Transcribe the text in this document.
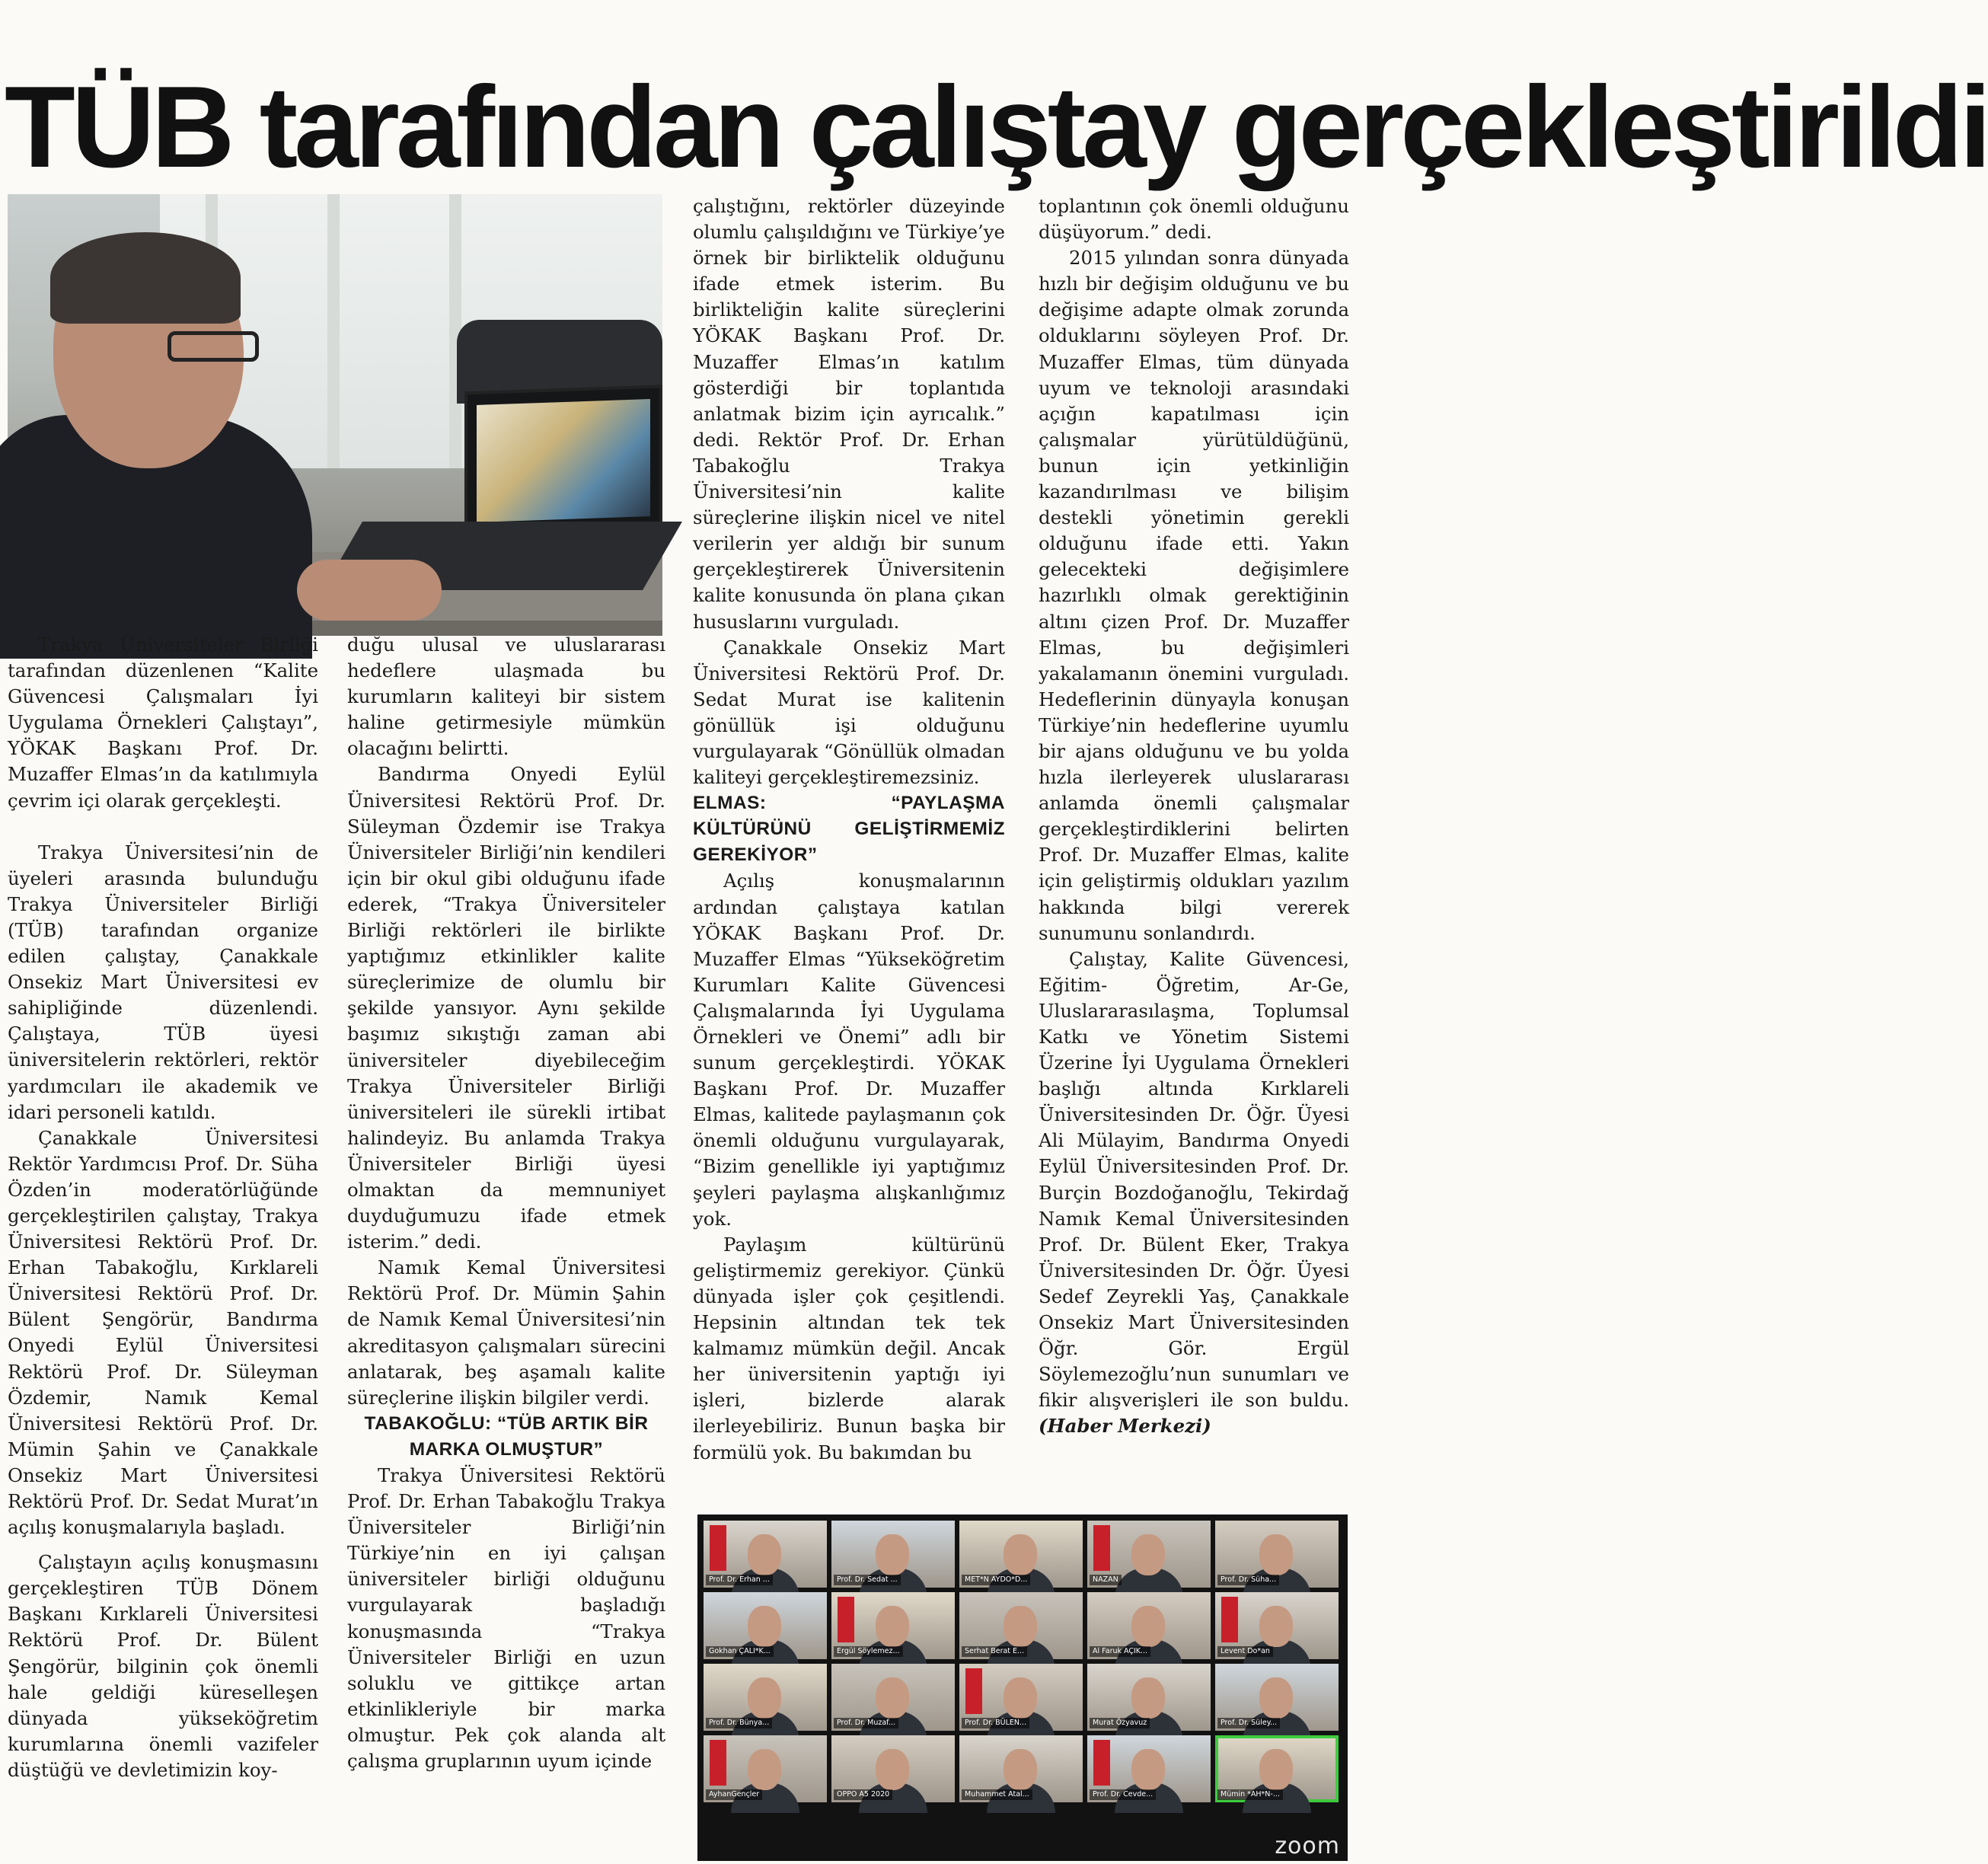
TÜB tarafından çalıştay gerçekleştirildi

Trakya Üniversiteler Birliği tarafından düzenlenen “Kalite Güvencesi Çalışmaları İyi Uygulama Örnekleri Çalıştayı”, YÖKAK Başkanı Prof. Dr. Muzaffer Elmas’ın da katılımıyla çevrim içi olarak gerçekleşti.

Trakya Üniversitesi’nin de üyeleri arasında bulunduğu Trakya Üniversiteler Birliği (TÜB) tarafından organize edilen çalıştay, Çanakkale Onsekiz Mart Üniversitesi ev sahipliğinde düzenlendi. Çalıştaya, TÜB üyesi üniversitelerin rektörleri, rektör yardımcıları ile akademik ve idari personeli katıldı.

Çanakkale Üniversitesi Rektör Yardımcısı Prof. Dr. Süha Özden’in moderatörlüğünde gerçekleştirilen çalıştay, Trakya Üniversitesi Rektörü Prof. Dr. Erhan Tabakoğlu, Kırklareli Üniversitesi Rektörü Prof. Dr. Bülent Şengörür, Bandırma Onyedi Eylül Üniversitesi Rektörü Prof. Dr. Süleyman Özdemir, Namık Kemal Üniversitesi Rektörü Prof. Dr. Mümin Şahin ve Çanakkale Onsekiz Mart Üniversitesi Rektörü Prof. Dr. Sedat Murat’ın açılış konuşmalarıyla başladı.

Çalıştayın açılış konuşmasını gerçekleştiren TÜB Dönem Başkanı Kırklareli Üniversitesi Rektörü Prof. Dr. Bülent Şengörür, bilginin çok önemli hale geldiği küreselleşen dünyada yükseköğretim kurumlarına önemli vazifeler düştüğü ve devletimizin koy-

duğu ulusal ve uluslararası hedeflere ulaşmada bu kurumların kaliteyi bir sistem haline getirmesiyle mümkün olacağını belirtti.

Bandırma Onyedi Eylül Üniversitesi Rektörü Prof. Dr. Süleyman Özdemir ise Trakya Üniversiteler Birliği’nin kendileri için bir okul gibi olduğunu ifade ederek, “Trakya Üniversiteler Birliği rektörleri ile birlikte yaptığımız etkinlikler kalite süreçlerimize de olumlu bir şekilde yansıyor. Aynı şekilde başımız sıkıştığı zaman abi üniversiteler diyebileceğim Trakya Üniversiteler Birliği üniversiteleri ile sürekli irtibat halindeyiz. Bu anlamda Trakya Üniversiteler Birliği üyesi olmaktan da memnuniyet duyduğumuzu ifade etmek isterim.” dedi.

Namık Kemal Üniversitesi Rektörü Prof. Dr. Mümin Şahin de Namık Kemal Üniversitesi’nin akreditasyon çalışmaları sürecini anlatarak, beş aşamalı kalite süreçlerine ilişkin bilgiler verdi.

TABAKOĞLU: “TÜB ARTIK BİR MARKA OLMUŞTUR”

Trakya Üniversitesi Rektörü Prof. Dr. Erhan Tabakoğlu Trakya Üniversiteler Birliği’nin Türkiye’nin en iyi çalışan üniversiteler birliği olduğunu vurgulayarak başladığı konuşmasında “Trakya Üniversiteler Birliği en uzun soluklu ve gittikçe artan etkinlikleriyle bir marka olmuştur. Pek çok alanda alt çalışma gruplarının uyum içinde

çalıştığını, rektörler düzeyinde olumlu çalışıldığını ve Türkiye’ye örnek bir birliktelik olduğunu ifade etmek isterim. Bu birlikteliğin kalite süreçlerini YÖKAK Başkanı Prof. Dr. Muzaffer Elmas’ın katılım gösterdiği bir toplantıda anlatmak bizim için ayrıcalık.” dedi. Rektör Prof. Dr. Erhan Tabakoğlu Trakya Üniversitesi’nin kalite süreçlerine ilişkin nicel ve nitel verilerin yer aldığı bir sunum gerçekleştirerek Üniversitenin kalite konusunda ön plana çıkan hususlarını vurguladı.

Çanakkale Onsekiz Mart Üniversitesi Rektörü Prof. Dr. Sedat Murat ise kalitenin gönüllük işi olduğunu vurgulayarak “Gönüllük olmadan kaliteyi gerçekleştiremezsiniz.

ELMAS: “PAYLAŞMA KÜLTÜRÜNÜ GELİŞTİRMEMİZ GEREKİYOR”

Açılış konuşmalarının ardından çalıştaya katılan YÖKAK Başkanı Prof. Dr. Muzaffer Elmas “Yükseköğretim Kurumları Kalite Güvencesi Çalışmalarında İyi Uygulama Örnekleri ve Önemi” adlı bir sunum gerçekleştirdi. YÖKAK Başkanı Prof. Dr. Muzaffer Elmas, kalitede paylaşmanın çok önemli olduğunu vurgulayarak, “Bizim genellikle iyi yaptığımız şeyleri paylaşma alışkanlığımız yok.

Paylaşım kültürünü geliştirmemiz gerekiyor. Çünkü dünyada işler çok çeşitlendi. Hepsinin altından tek tek kalmamız mümkün değil. Ancak her üniversitenin yaptığı iyi işleri, bizlerde alarak ilerleyebiliriz. Bunun başka bir formülü yok. Bu bakımdan bu

toplantının çok önemli olduğunu düşüyorum.” dedi.

2015 yılından sonra dünyada hızlı bir değişim olduğunu ve bu değişime adapte olmak zorunda olduklarını söyleyen Prof. Dr. Muzaffer Elmas, tüm dünyada uyum ve teknoloji arasındaki açığın kapatılması için çalışmalar yürütüldüğünü, bunun için yetkinliğin kazandırılması ve bilişim destekli yönetimin gerekli olduğunu ifade etti. Yakın gelecekteki değişimlere hazırlıklı olmak gerektiğinin altını çizen Prof. Dr. Muzaffer Elmas, bu değişimleri yakalamanın önemini vurguladı. Hedeflerinin dünyayla konuşan Türkiye’nin hedeflerine uyumlu bir ajans olduğunu ve bu yolda hızla ilerleyerek uluslararası anlamda önemli çalışmalar gerçekleştirdiklerini belirten Prof. Dr. Muzaffer Elmas, kalite için geliştirmiş oldukları yazılım hakkında bilgi vererek sunumunu sonlandırdı.

Çalıştay, Kalite Güvencesi, Eğitim- Öğretim, Ar-Ge, Uluslararasılaşma, Toplumsal Katkı ve Yönetim Sistemi Üzerine İyi Uygulama Örnekleri başlığı altında Kırklareli Üniversitesinden Dr. Öğr. Üyesi Ali Mülayim, Bandırma Onyedi Eylül Üniversitesinden Prof. Dr. Burçin Bozdoğanoğlu, Tekirdağ Namık Kemal Üniversitesinden Prof. Dr. Bülent Eker, Trakya Üniversitesinden Dr. Öğr. Üyesi Sedef Zeyrekli Yaş, Çanakkale Onsekiz Mart Üniversitesinden Öğr. Gör. Ergül Söylemezoğlu’nun sunumları ve fikir alışverişleri ile son buldu. (Haber Merkezi)

Prof. Dr. Erhan ...	Prof. Dr. Sedat ...	MET*N AYDO*D...	NAZAN	Prof. Dr. Süha...
Gokhan ÇALI*K...	Ergül Söylemez...	Serhat Berat E...	Al Faruk AÇIK...	Levent Do*an
Prof. Dr. Bünya...	Prof. Dr. Muzaf...	Prof. Dr. BÜLEN...	Murat Özyavuz	Prof. Dr. Süley...
AyhanGençler	OPPO A5 2020	Muhammet Atal...	Prof. Dr. Cevde...	Mümin *AH*N-...
zoom
